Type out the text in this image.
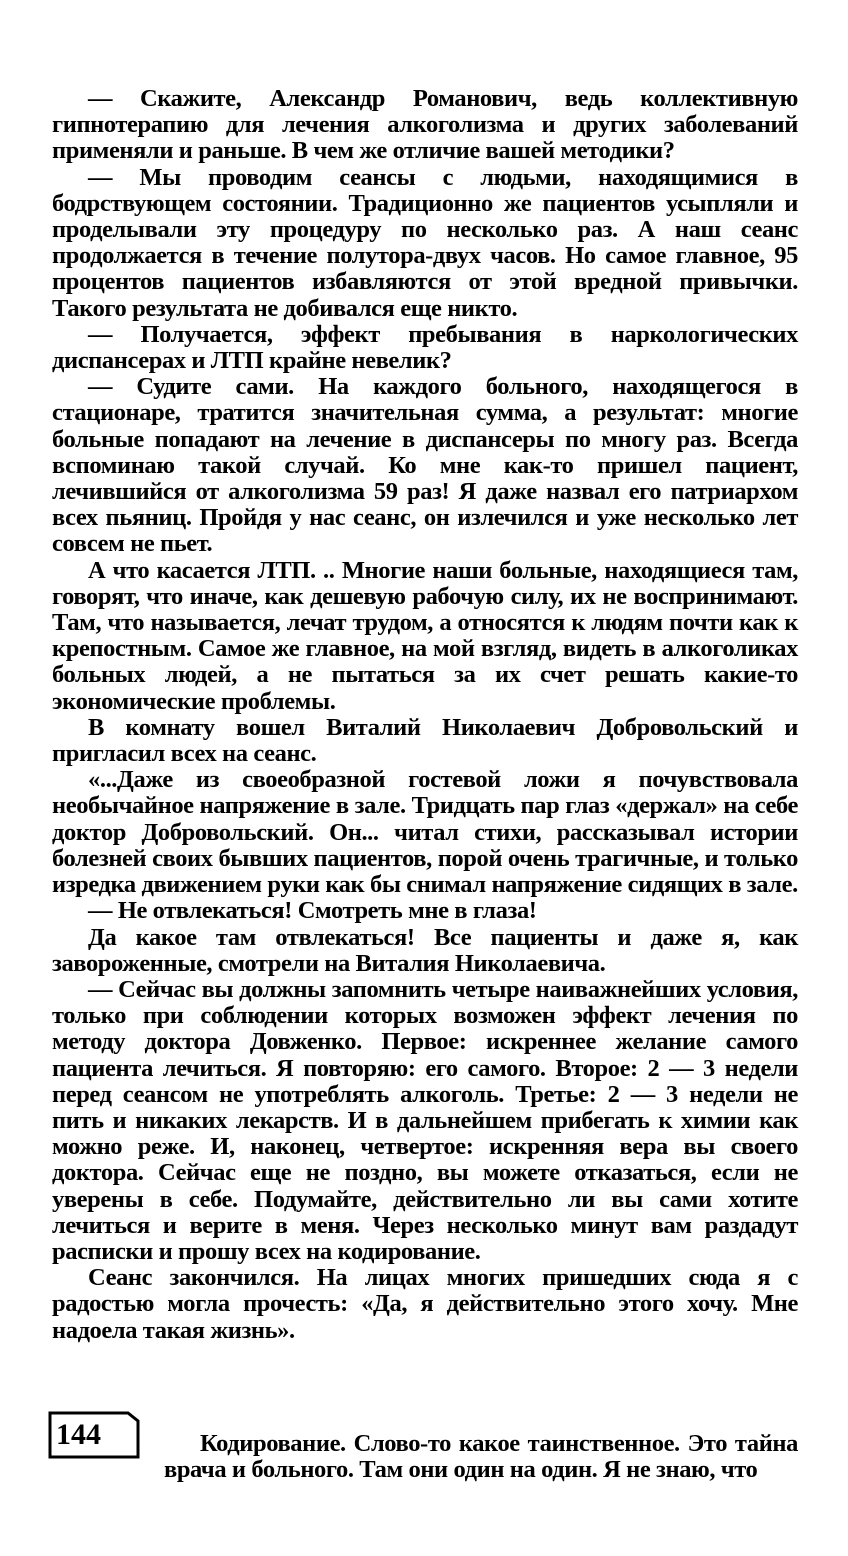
— Скажите, Александр Романович, ведь коллективную гипнотерапию для лечения алкоголизма и других заболеваний применяли и раньше. В чем же отличие вашей методики?

— Мы проводим сеансы с людьми, находящимися в бодрствующем состоянии. Традиционно же пациентов усыпляли и проделывали эту процедуру по несколько раз. А наш сеанс продолжается в течение полутора-двух часов. Но самое главное, 95 процентов пациентов избавляются от этой вредной привычки. Такого результата не добивался еще никто.

— Получается, эффект пребывания в наркологических диспансерах и ЛТП крайне невелик?

— Судите сами. На каждого больного, находящегося в стационаре, тратится значительная сумма, а результат: многие больные попадают на лечение в диспансеры по многу раз. Всегда вспоминаю такой случай. Ко мне как-то пришел пациент, лечившийся от алкоголизма 59 раз! Я даже назвал его патриархом всех пьяниц. Пройдя у нас сеанс, он излечился и уже несколько лет совсем не пьет.

А что касается ЛТП. .. Многие наши больные, находящиеся там, говорят, что иначе, как дешевую рабочую силу, их не воспринимают. Там, что называется, лечат трудом, а относятся к людям почти как к крепостным. Самое же главное, на мой взгляд, видеть в алкоголиках больных людей, а не пытаться за их счет решать какие-то экономические проблемы.

В комнату вошел Виталий Николаевич Добровольский и пригласил всех на сеанс.

«...Даже из своеобразной гостевой ложи я почувствовала необычайное напряжение в зале. Тридцать пар глаз «держал» на себе доктор Добровольский. Он... читал стихи, рассказывал истории болезней своих бывших пациентов, порой очень трагичные, и только изредка движением руки как бы снимал напряжение сидящих в зале.

— Не отвлекаться! Смотреть мне в глаза!

Да какое там отвлекаться! Все пациенты и даже я, как завороженные, смотрели на Виталия Николаевича.

— Сейчас вы должны запомнить четыре наиважнейших условия, только при соблюдении которых возможен эффект лечения по методу доктора Довженко. Первое: искреннее желание самого пациента лечиться. Я повторяю: его самого. Второе: 2 — 3 недели перед сеансом не употреблять алкоголь. Третье: 2 — 3 недели не пить и никаких лекарств. И в дальнейшем прибегать к химии как можно реже. И, наконец, четвертое: искренняя вера вы своего доктора. Сейчас еще не поздно, вы можете отказаться, если не уверены в себе. Подумайте, действительно ли вы сами хотите лечиться и верите в меня. Через несколько минут вам раздадут расписки и прошу всех на кодирование.

Сеанс закончился. На лицах многих пришедших сюда я с радостью могла прочесть: «Да, я действительно этого хочу. Мне надоела такая жизнь».

144	Кодирование. Слово-то какое таинственное. Это тайна врача и больного. Там они один на один. Я не знаю, что
